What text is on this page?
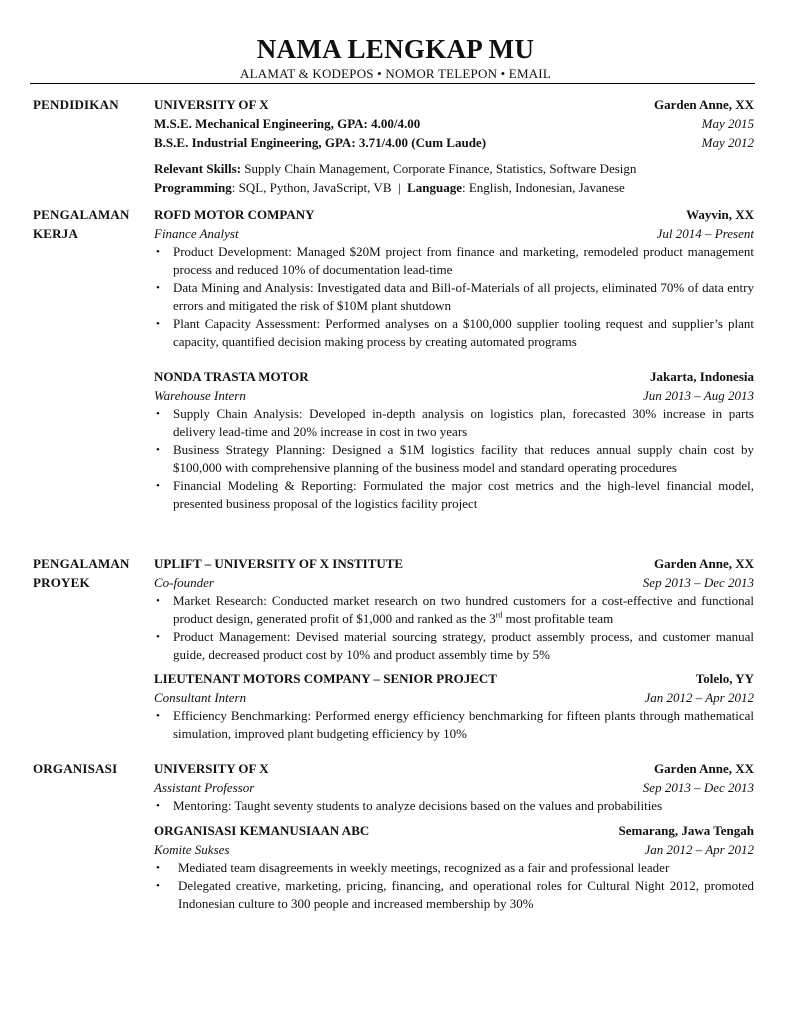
NAMA LENGKAP MU
ALAMAT & KODEPOS • NOMOR TELEPON • EMAIL
PENDIDIKAN	UNIVERSITY OF X	Garden Anne, XX
M.S.E. Mechanical Engineering, GPA: 4.00/4.00	May 2015
B.S.E. Industrial Engineering, GPA: 3.71/4.00 (Cum Laude)	May 2012
Relevant Skills: Supply Chain Management, Corporate Finance, Statistics, Software Design
Programming: SQL, Python, JavaScript, VB  |  Language: English, Indonesian, Javanese
PENGALAMAN
KERJA
ROFD MOTOR COMPANY	Wayvin, XX
Finance Analyst	Jul 2014 – Present
• Product Development: Managed $20M project from finance and marketing, remodeled product management process and reduced 10% of documentation lead-time
• Data Mining and Analysis: Investigated data and Bill-of-Materials of all projects, eliminated 70% of data entry errors and mitigated the risk of $10M plant shutdown
• Plant Capacity Assessment: Performed analyses on a $100,000 supplier tooling request and supplier’s plant capacity, quantified decision making process by creating automated programs
NONDA TRASTA MOTOR	Jakarta, Indonesia
Warehouse Intern	Jun 2013 – Aug 2013
• Supply Chain Analysis: Developed in-depth analysis on logistics plan, forecasted 30% increase in parts delivery lead-time and 20% increase in cost in two years
• Business Strategy Planning: Designed a $1M logistics facility that reduces annual supply chain cost by $100,000 with comprehensive planning of the business model and standard operating procedures
• Financial Modeling & Reporting: Formulated the major cost metrics and the high-level financial model, presented business proposal of the logistics facility project
PENGALAMAN
PROYEK
UPLIFT – UNIVERSITY OF X INSTITUTE	Garden Anne, XX
Co-founder	Sep 2013 – Dec 2013
• Market Research: Conducted market research on two hundred customers for a cost-effective and functional product design, generated profit of $1,000 and ranked as the 3rd most profitable team
• Product Management: Devised material sourcing strategy, product assembly process, and customer manual guide, decreased product cost by 10% and product assembly time by 5%
LIEUTENANT MOTORS COMPANY – SENIOR PROJECT	Tolelo, YY
Consultant Intern	Jan 2012 – Apr 2012
• Efficiency Benchmarking: Performed energy efficiency benchmarking for fifteen plants through mathematical simulation, improved plant budgeting efficiency by 10%
ORGANISASI	UNIVERSITY OF X	Garden Anne, XX
Assistant Professor	Sep 2013 – Dec 2013
• Mentoring: Taught seventy students to analyze decisions based on the values and probabilities
ORGANISASI KEMANUSIAAN ABC	Semarang, Jawa Tengah
Komite Sukses	Jan 2012 – Apr 2012
• Mediated team disagreements in weekly meetings, recognized as a fair and professional leader
• Delegated creative, marketing, pricing, financing, and operational roles for Cultural Night 2012, promoted Indonesian culture to 300 people and increased membership by 30%
